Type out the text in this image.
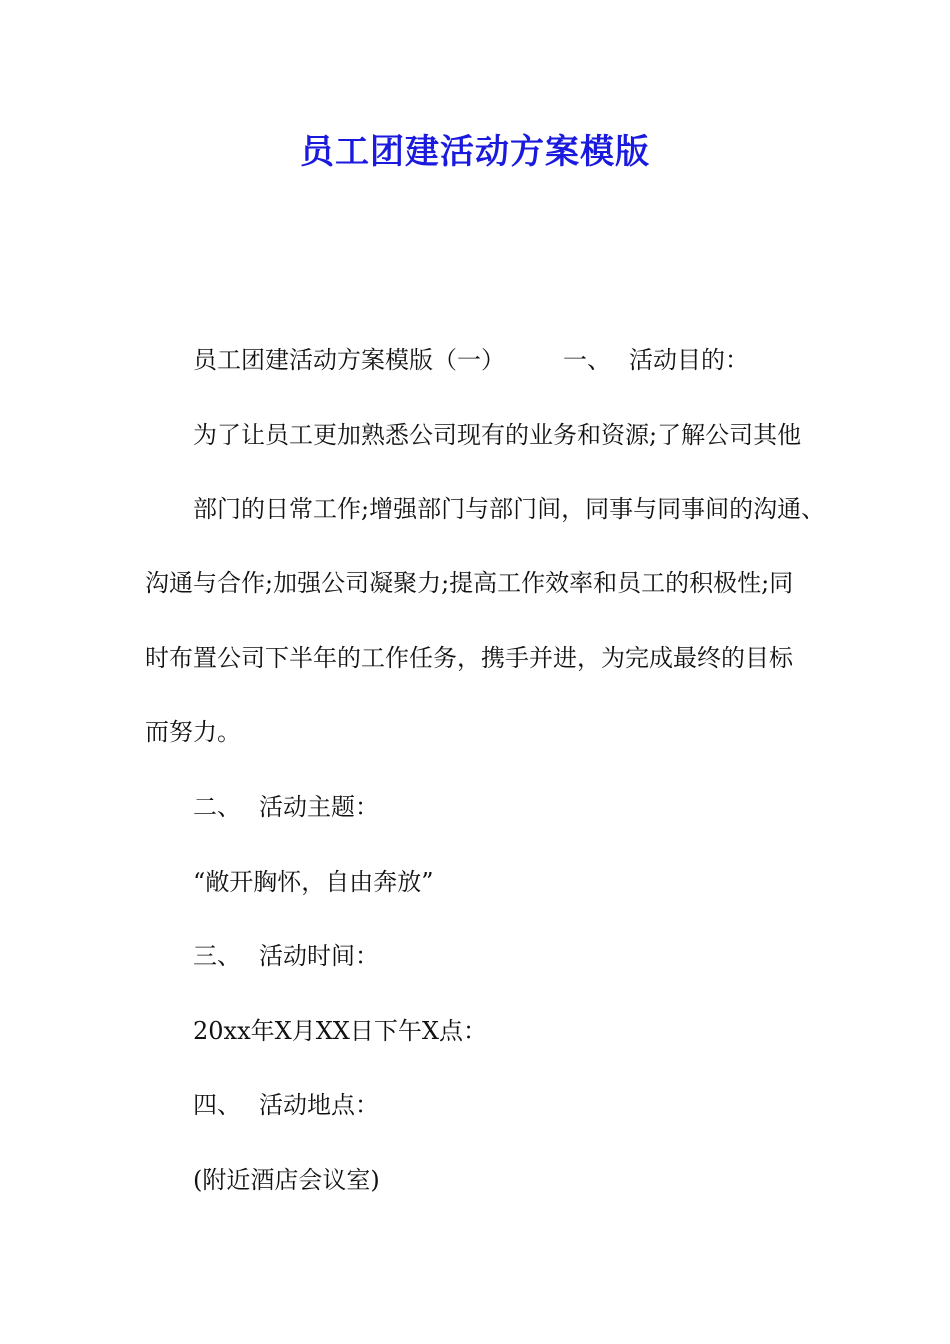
员工团建活动方案模版
员工团建活动方案模版（一） 一、 活动目的：
为了让员工更加熟悉公司现有的业务和资源;了解公司其他
部门的日常工作;增强部门与部门间，同事与同事间的沟通、
沟通与合作;加强公司凝聚力;提高工作效率和员工的积极性;同
时布置公司下半年的工作任务，携手并进，为完成最终的目标
而努力。
二、 活动主题：
“敞开胸怀，自由奔放”
三、 活动时间：
20xx年X月XX日下午X点：
四、 活动地点：
(附近酒店会议室)
